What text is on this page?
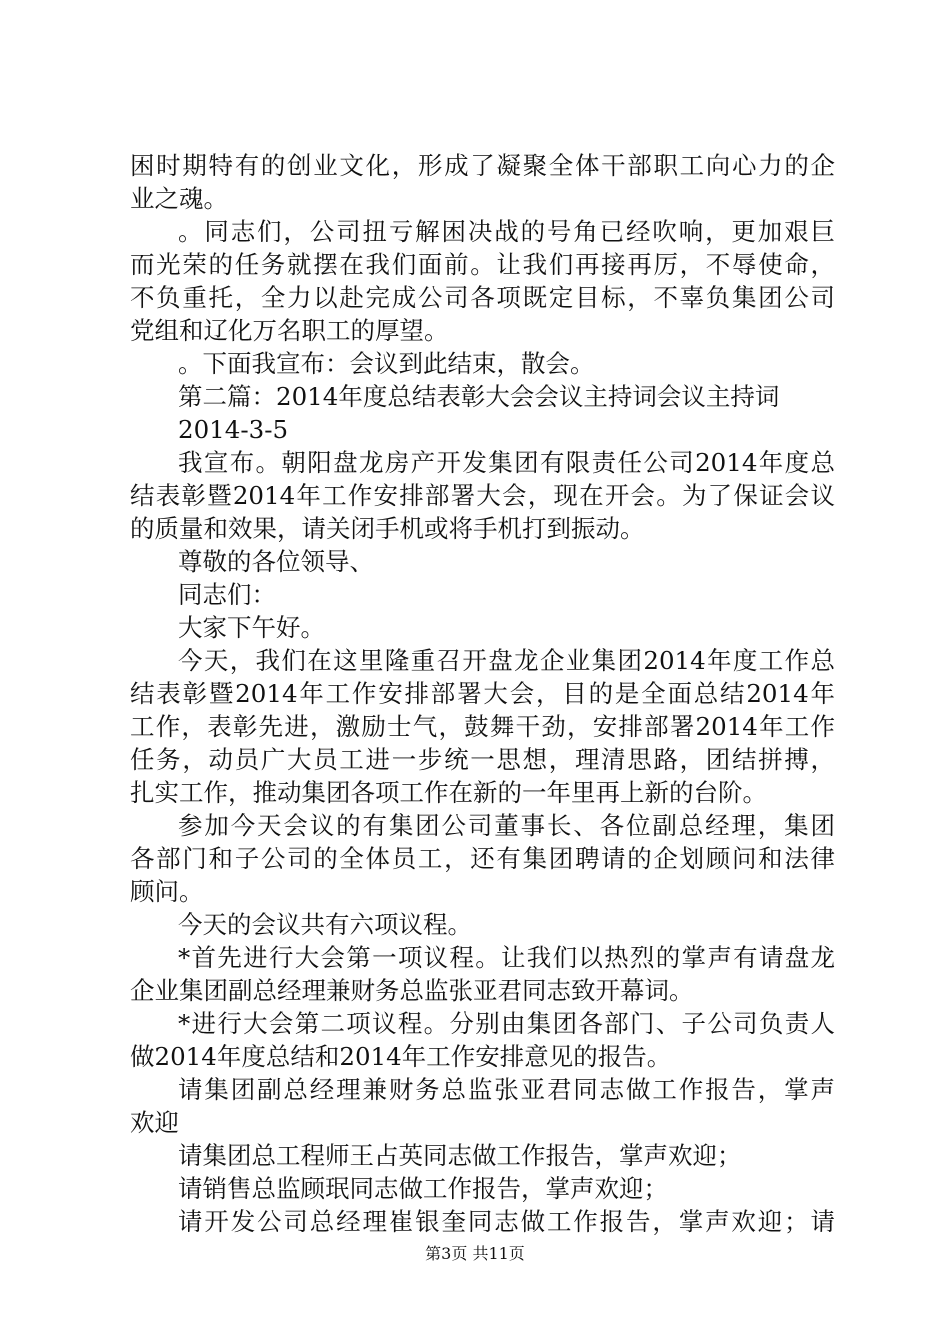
困时期特有的创业文化，形成了凝聚全体干部职工向心力的企
业之魂。
。同志们，公司扭亏解困决战的号角已经吹响，更加艰巨
而光荣的任务就摆在我们面前。让我们再接再厉，不辱使命，
不负重托，全力以赴完成公司各项既定目标，不辜负集团公司
党组和辽化万名职工的厚望。
。下面我宣布：会议到此结束，散会。
第二篇：2014年度总结表彰大会会议主持词会议主持词
2014-3-5
我宣布。朝阳盘龙房产开发集团有限责任公司2014年度总
结表彰暨2014年工作安排部署大会，现在开会。为了保证会议
的质量和效果，请关闭手机或将手机打到振动。
尊敬的各位领导、
同志们：
大家下午好。
今天，我们在这里隆重召开盘龙企业集团2014年度工作总
结表彰暨2014年工作安排部署大会，目的是全面总结2014年
工作，表彰先进，激励士气，鼓舞干劲，安排部署2014年工作
任务，动员广大员工进一步统一思想，理清思路，团结拼搏，
扎实工作，推动集团各项工作在新的一年里再上新的台阶。
参加今天会议的有集团公司董事长、各位副总经理，集团
各部门和子公司的全体员工，还有集团聘请的企划顾问和法律
顾问。
今天的会议共有六项议程。
*首先进行大会第一项议程。让我们以热烈的掌声有请盘龙
企业集团副总经理兼财务总监张亚君同志致开幕词。
*进行大会第二项议程。分别由集团各部门、子公司负责人
做2014年度总结和2014年工作安排意见的报告。
请集团副总经理兼财务总监张亚君同志做工作报告，掌声
欢迎
请集团总工程师王占英同志做工作报告，掌声欢迎；
请销售总监顾珉同志做工作报告，掌声欢迎；
请开发公司总经理崔银奎同志做工作报告，掌声欢迎；请
第3页 共11页
